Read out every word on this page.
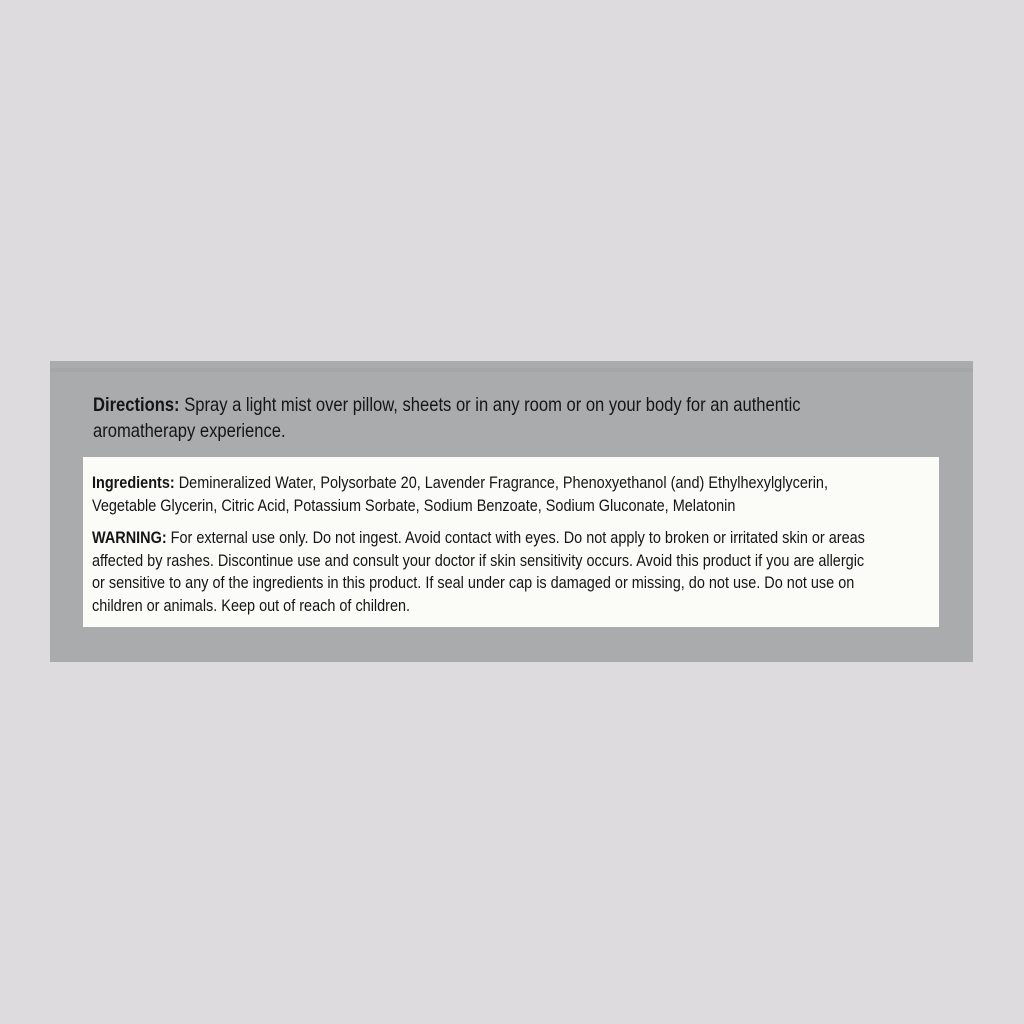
Directions: Spray a light mist over pillow, sheets or in any room or on your body for an authentic
aromatherapy experience.
Ingredients: Demineralized Water, Polysorbate 20, Lavender Fragrance, Phenoxyethanol (and) Ethylhexylglycerin,
Vegetable Glycerin, Citric Acid, Potassium Sorbate, Sodium Benzoate, Sodium Gluconate, Melatonin
WARNING: For external use only. Do not ingest. Avoid contact with eyes. Do not apply to broken or irritated skin or areas
affected by rashes. Discontinue use and consult your doctor if skin sensitivity occurs. Avoid this product if you are allergic
or sensitive to any of the ingredients in this product. If seal under cap is damaged or missing, do not use. Do not use on
children or animals. Keep out of reach of children.
